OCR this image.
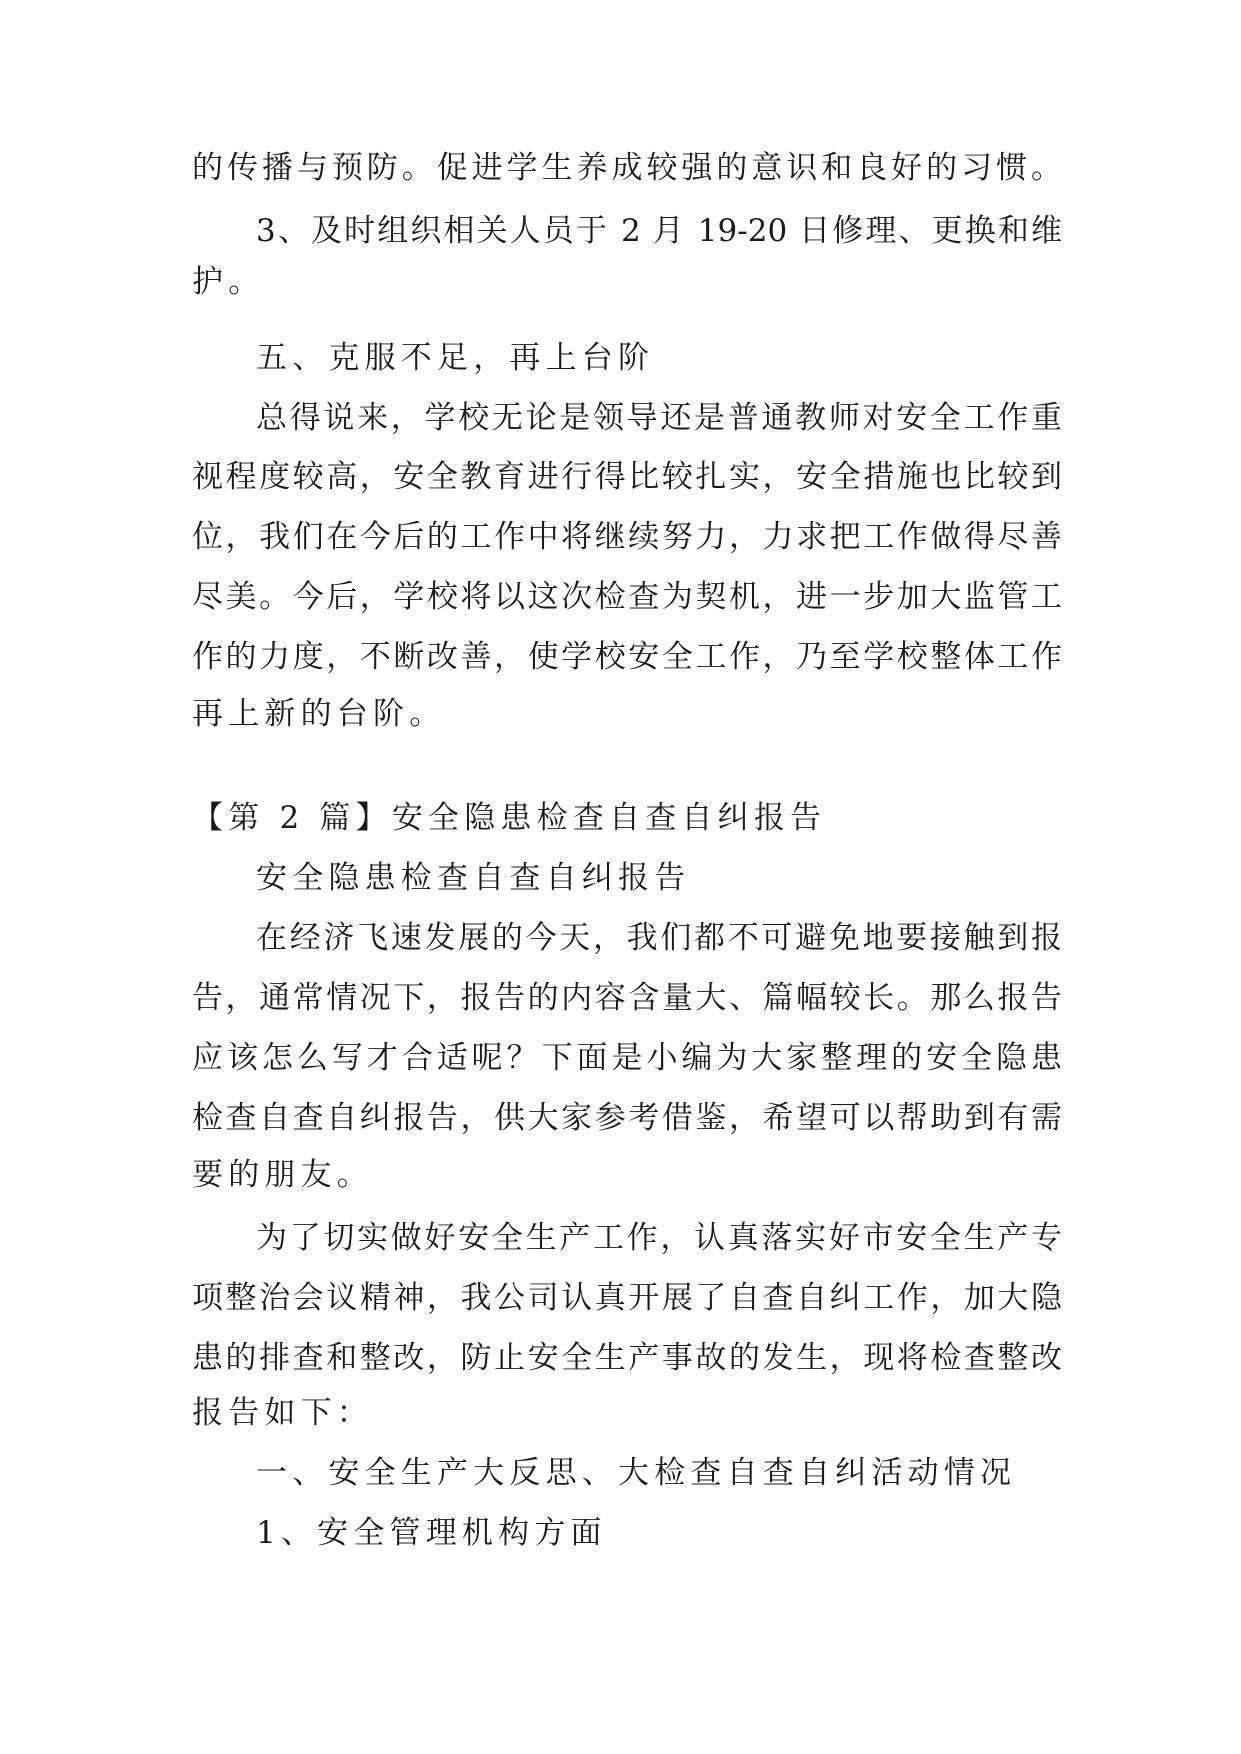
的传播与预防。促进学生养成较强的意识和良好的习惯。
3、及时组织相关人员于 2 月 19-20 日修理、更换和维
护。
五、克服不足，再上台阶
总得说来，学校无论是领导还是普通教师对安全工作重
视程度较高，安全教育进行得比较扎实，安全措施也比较到
位，我们在今后的工作中将继续努力，力求把工作做得尽善
尽美。今后，学校将以这次检查为契机，进一步加大监管工
作的力度，不断改善，使学校安全工作，乃至学校整体工作
再上新的台阶。
【第 2 篇】安全隐患检查自查自纠报告
安全隐患检查自查自纠报告
在经济飞速发展的今天，我们都不可避免地要接触到报
告，通常情况下，报告的内容含量大、篇幅较长。那么报告
应该怎么写才合适呢？下面是小编为大家整理的安全隐患
检查自查自纠报告，供大家参考借鉴，希望可以帮助到有需
要的朋友。
为了切实做好安全生产工作，认真落实好市安全生产专
项整治会议精神，我公司认真开展了自查自纠工作，加大隐
患的排查和整改，防止安全生产事故的发生，现将检查整改
报告如下：
一、安全生产大反思、大检查自查自纠活动情况
1、安全管理机构方面
